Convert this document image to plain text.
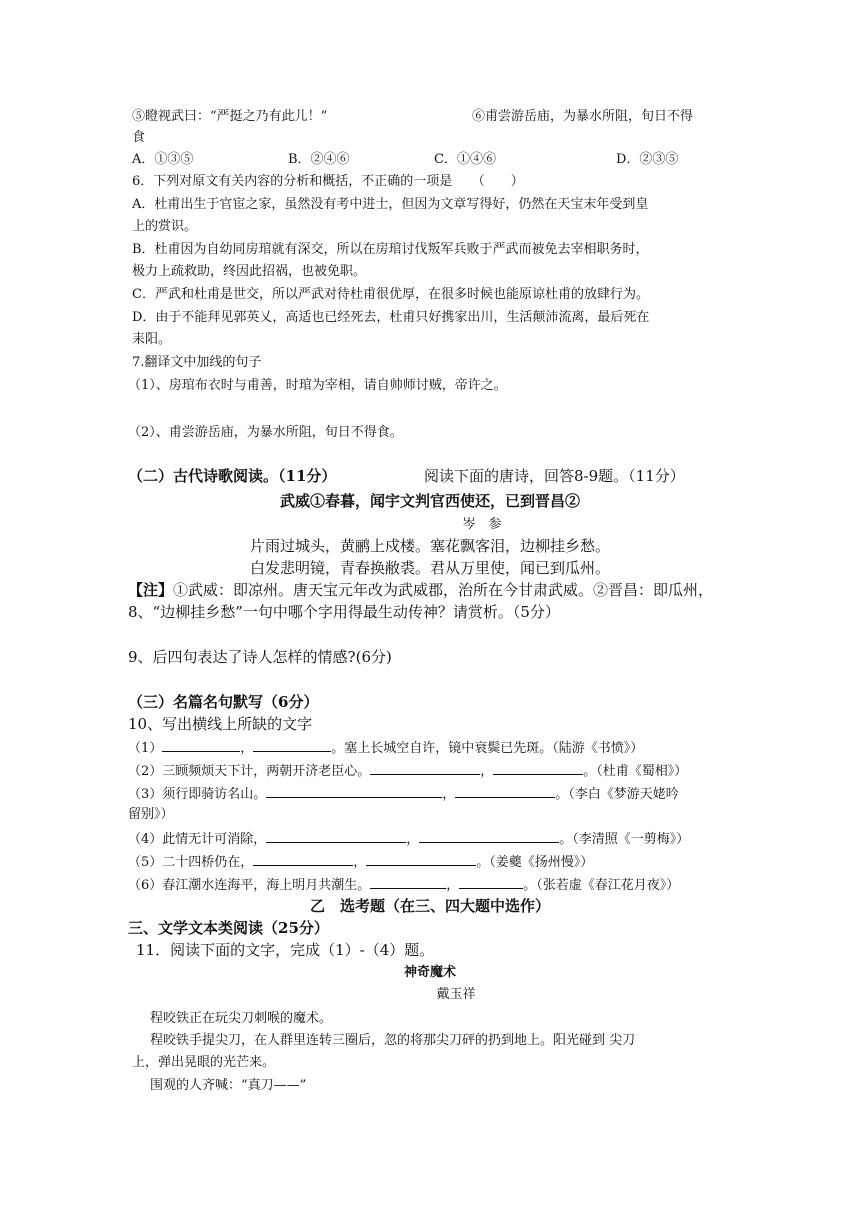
⑤瞪视武曰：“严挺之乃有此儿！”	⑥甫尝游岳庙，为暴水所阻，旬日不得
食
A．①③⑤	B．②④⑥	C．①④⑥	D．②③⑤
6．下列对原文有关内容的分析和概括，不正确的一项是　　（　　）
A．杜甫出生于官宦之家，虽然没有考中进士，但因为文章写得好，仍然在天宝末年受到皇
上的赏识。
B．杜甫因为自幼同房琯就有深交，所以在房琯讨伐叛军兵败于严武而被免去宰相职务时，
极力上疏救助，终因此招祸，也被免职。
C．严武和杜甫是世交，所以严武对待杜甫很优厚，在很多时候也能原谅杜甫的放肆行为。
D．由于不能拜见郭英乂，高适也已经死去，杜甫只好携家出川，生活颠沛流离，最后死在
耒阳。
7.翻译文中加线的句子
（1）、房琯布衣时与甫善，时琯为宰相，请自帅师讨贼，帝许之。
（2）、甫尝游岳庙，为暴水所阻，旬日不得食。
（二）古代诗歌阅读。（11分）	阅读下面的唐诗，回答8-9题。（11分）
武威①春暮，闻宇文判官西使还，已到晋昌②
岑　参
片雨过城头，黄鹂上戍楼。塞花飘客泪，边柳挂乡愁。
白发悲明镜，青春换敝裘。君从万里使，闻已到瓜州。
【注】①武威：即凉州。唐天宝元年改为武威郡，治所在今甘肃武威。②晋昌：即瓜州，
8、“边柳挂乡愁”一句中哪个字用得最生动传神？请赏析。（5分）
9、后四句表达了诗人怎样的情感?(6分)
（三）名篇名句默写（6分）
10、写出横线上所缺的文字
（1）	，	。塞上长城空自许，镜中衰鬓已先斑。（陆游《书愤》）
（2）三顾频烦天下计，两朝开济老臣心。	，	。（杜甫《蜀相》）
（3）须行即骑访名山。	，	。（李白《梦游天姥吟
留别》）
（4）此情无计可消除，	，	。（李清照《一剪梅》）
（5）二十四桥仍在，	，	。（姜夔《扬州慢》）
（6）春江潮水连海平，海上明月共潮生。	，	。（张若虚《春江花月夜》）
乙　选考题（在三、四大题中选作）
三、文学文本类阅读（25分）
11．阅读下面的文字，完成（1）-（4）题。
神奇魔术
戴玉祥
程咬铁正在玩尖刀刺喉的魔术。
程咬铁手提尖刀，在人群里连转三圈后，忽的将那尖刀砰的扔到地上。阳光碰到 尖刀
上，弹出晃眼的光芒来。
围观的人齐喊：“真刀——”
